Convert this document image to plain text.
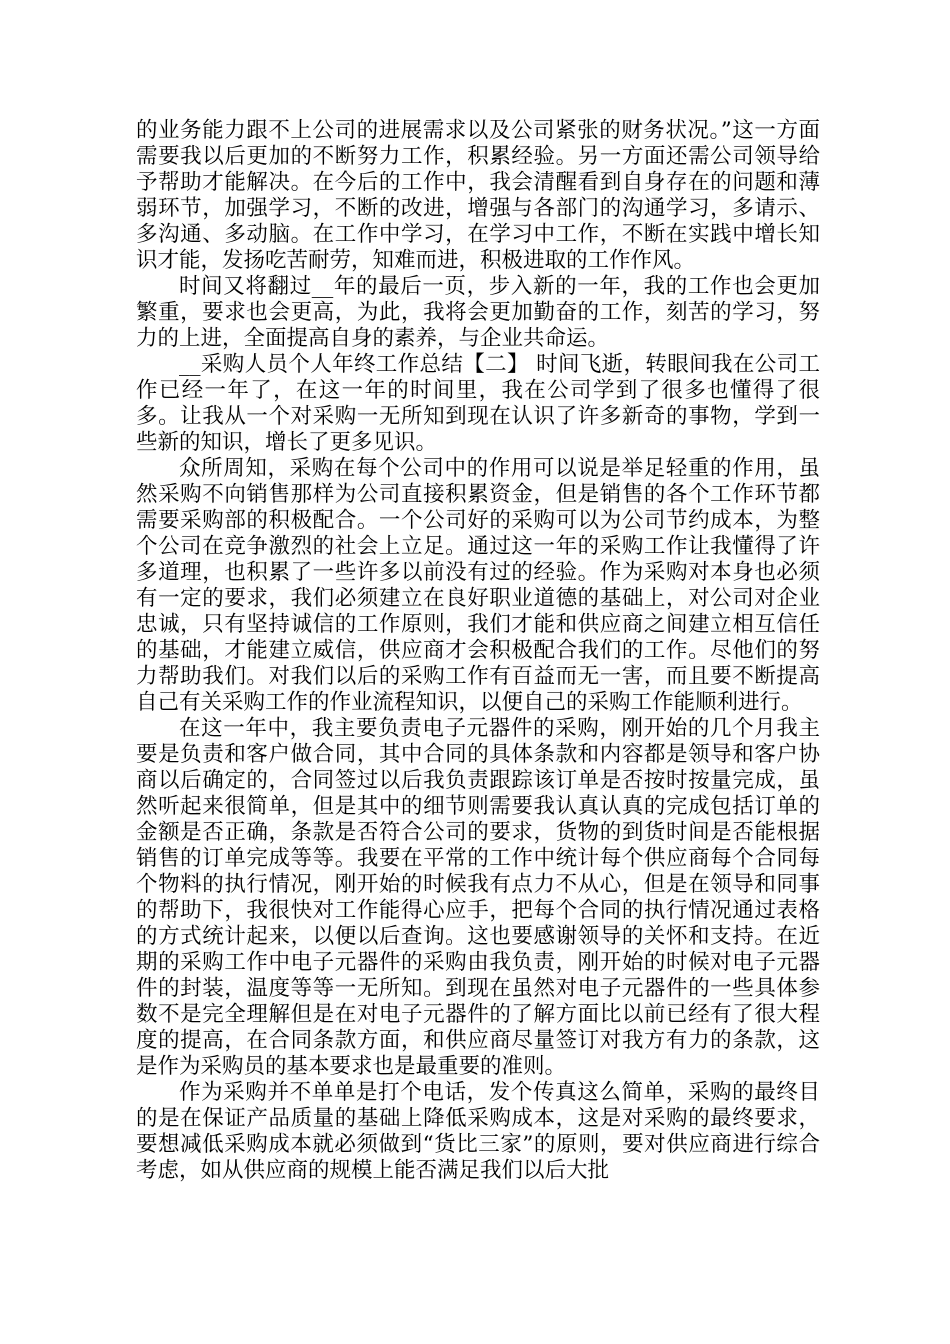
的业务能力跟不上公司的进展需求以及公司紧张的财务状况。”这一方面需要我以后更加的不断努力工作，积累经验。另一方面还需公司领导给予帮助才能解决。在今后的工作中，我会清醒看到自身存在的问题和薄弱环节，加强学习，不断的改进，增强与各部门的沟通学习，多请示、多沟通、多动脑。在工作中学习，在学习中工作，不断在实践中增长知识才能，发扬吃苦耐劳，知难而进，积极进取的工作作风。

时间又将翻过__年的最后一页，步入新的一年，我的工作也会更加繁重，要求也会更高，为此，我将会更加勤奋的工作，刻苦的学习，努力的上进，全面提高自身的素养，与企业共命运。

__采购人员个人年终工作总结【二】 时间飞逝，转眼间我在公司工作已经一年了，在这一年的时间里，我在公司学到了很多也懂得了很多。让我从一个对采购一无所知到现在认识了许多新奇的事物，学到一些新的知识，增长了更多见识。

众所周知，采购在每个公司中的作用可以说是举足轻重的作用，虽然采购不向销售那样为公司直接积累资金，但是销售的各个工作环节都需要采购部的积极配合。一个公司好的采购可以为公司节约成本，为整个公司在竞争激烈的社会上立足。通过这一年的采购工作让我懂得了许多道理，也积累了一些许多以前没有过的经验。作为采购对本身也必须有一定的要求，我们必须建立在良好职业道德的基础上，对公司对企业忠诚，只有坚持诚信的工作原则，我们才能和供应商之间建立相互信任的基础，才能建立威信，供应商才会积极配合我们的工作。尽他们的努力帮助我们。对我们以后的采购工作有百益而无一害，而且要不断提高自己有关采购工作的作业流程知识，以便自己的采购工作能顺利进行。

在这一年中，我主要负责电子元器件的采购，刚开始的几个月我主要是负责和客户做合同，其中合同的具体条款和内容都是领导和客户协商以后确定的，合同签过以后我负责跟踪该订单是否按时按量完成，虽然听起来很简单，但是其中的细节则需要我认真认真的完成包括订单的金额是否正确，条款是否符合公司的要求，货物的到货时间是否能根据销售的订单完成等等。我要在平常的工作中统计每个供应商每个合同每个物料的执行情况，刚开始的时候我有点力不从心，但是在领导和同事的帮助下，我很快对工作能得心应手，把每个合同的执行情况通过表格的方式统计起来，以便以后查询。这也要感谢领导的关怀和支持。在近期的采购工作中电子元器件的采购由我负责，刚开始的时候对电子元器件的封装，温度等等一无所知。到现在虽然对电子元器件的一些具体参数不是完全理解但是在对电子元器件的了解方面比以前已经有了很大程度的提高，在合同条款方面，和供应商尽量签订对我方有力的条款，这是作为采购员的基本要求也是最重要的准则。

作为采购并不单单是打个电话，发个传真这么简单，采购的最终目的是在保证产品质量的基础上降低采购成本，这是对采购的最终要求，要想减低采购成本就必须做到“货比三家”的原则，要对供应商进行综合考虑，如从供应商的规模上能否满足我们以后大批
